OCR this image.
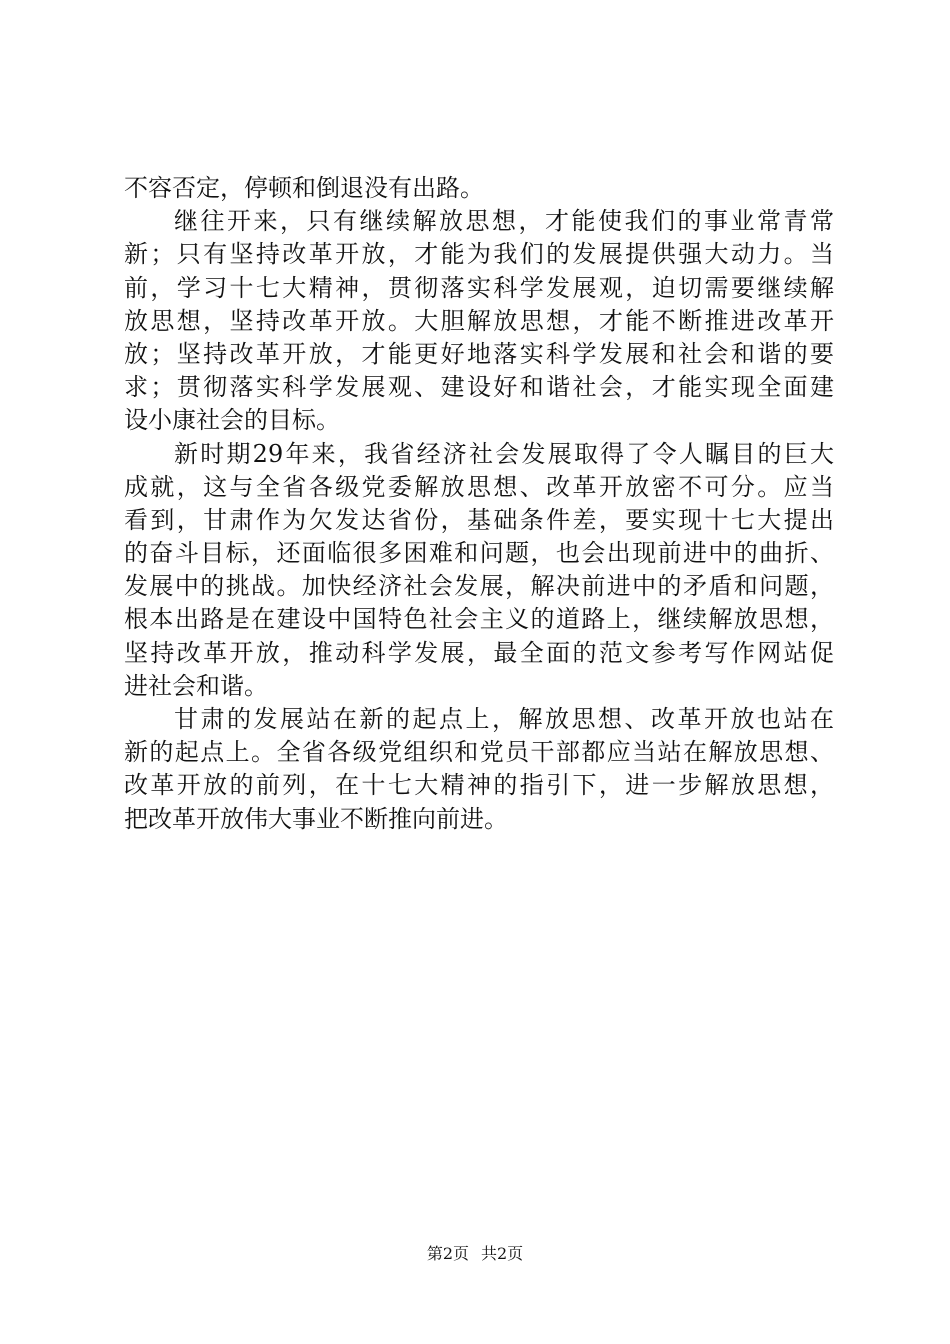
不容否定，停顿和倒退没有出路。
继往开来，只有继续解放思想，才能使我们的事业常青常
新；只有坚持改革开放，才能为我们的发展提供强大动力。当
前，学习十七大精神，贯彻落实科学发展观，迫切需要继续解
放思想，坚持改革开放。大胆解放思想，才能不断推进改革开
放；坚持改革开放，才能更好地落实科学发展和社会和谐的要
求；贯彻落实科学发展观、建设好和谐社会，才能实现全面建
设小康社会的目标。
新时期29年来，我省经济社会发展取得了令人瞩目的巨大
成就，这与全省各级党委解放思想、改革开放密不可分。应当
看到，甘肃作为欠发达省份，基础条件差，要实现十七大提出
的奋斗目标，还面临很多困难和问题，也会出现前进中的曲折、
发展中的挑战。加快经济社会发展，解决前进中的矛盾和问题，
根本出路是在建设中国特色社会主义的道路上，继续解放思想，
坚持改革开放，推动科学发展，最全面的范文参考写作网站促
进社会和谐。
甘肃的发展站在新的起点上，解放思想、改革开放也站在
新的起点上。全省各级党组织和党员干部都应当站在解放思想、
改革开放的前列，在十七大精神的指引下，进一步解放思想，
把改革开放伟大事业不断推向前进。
第2页 共2页
